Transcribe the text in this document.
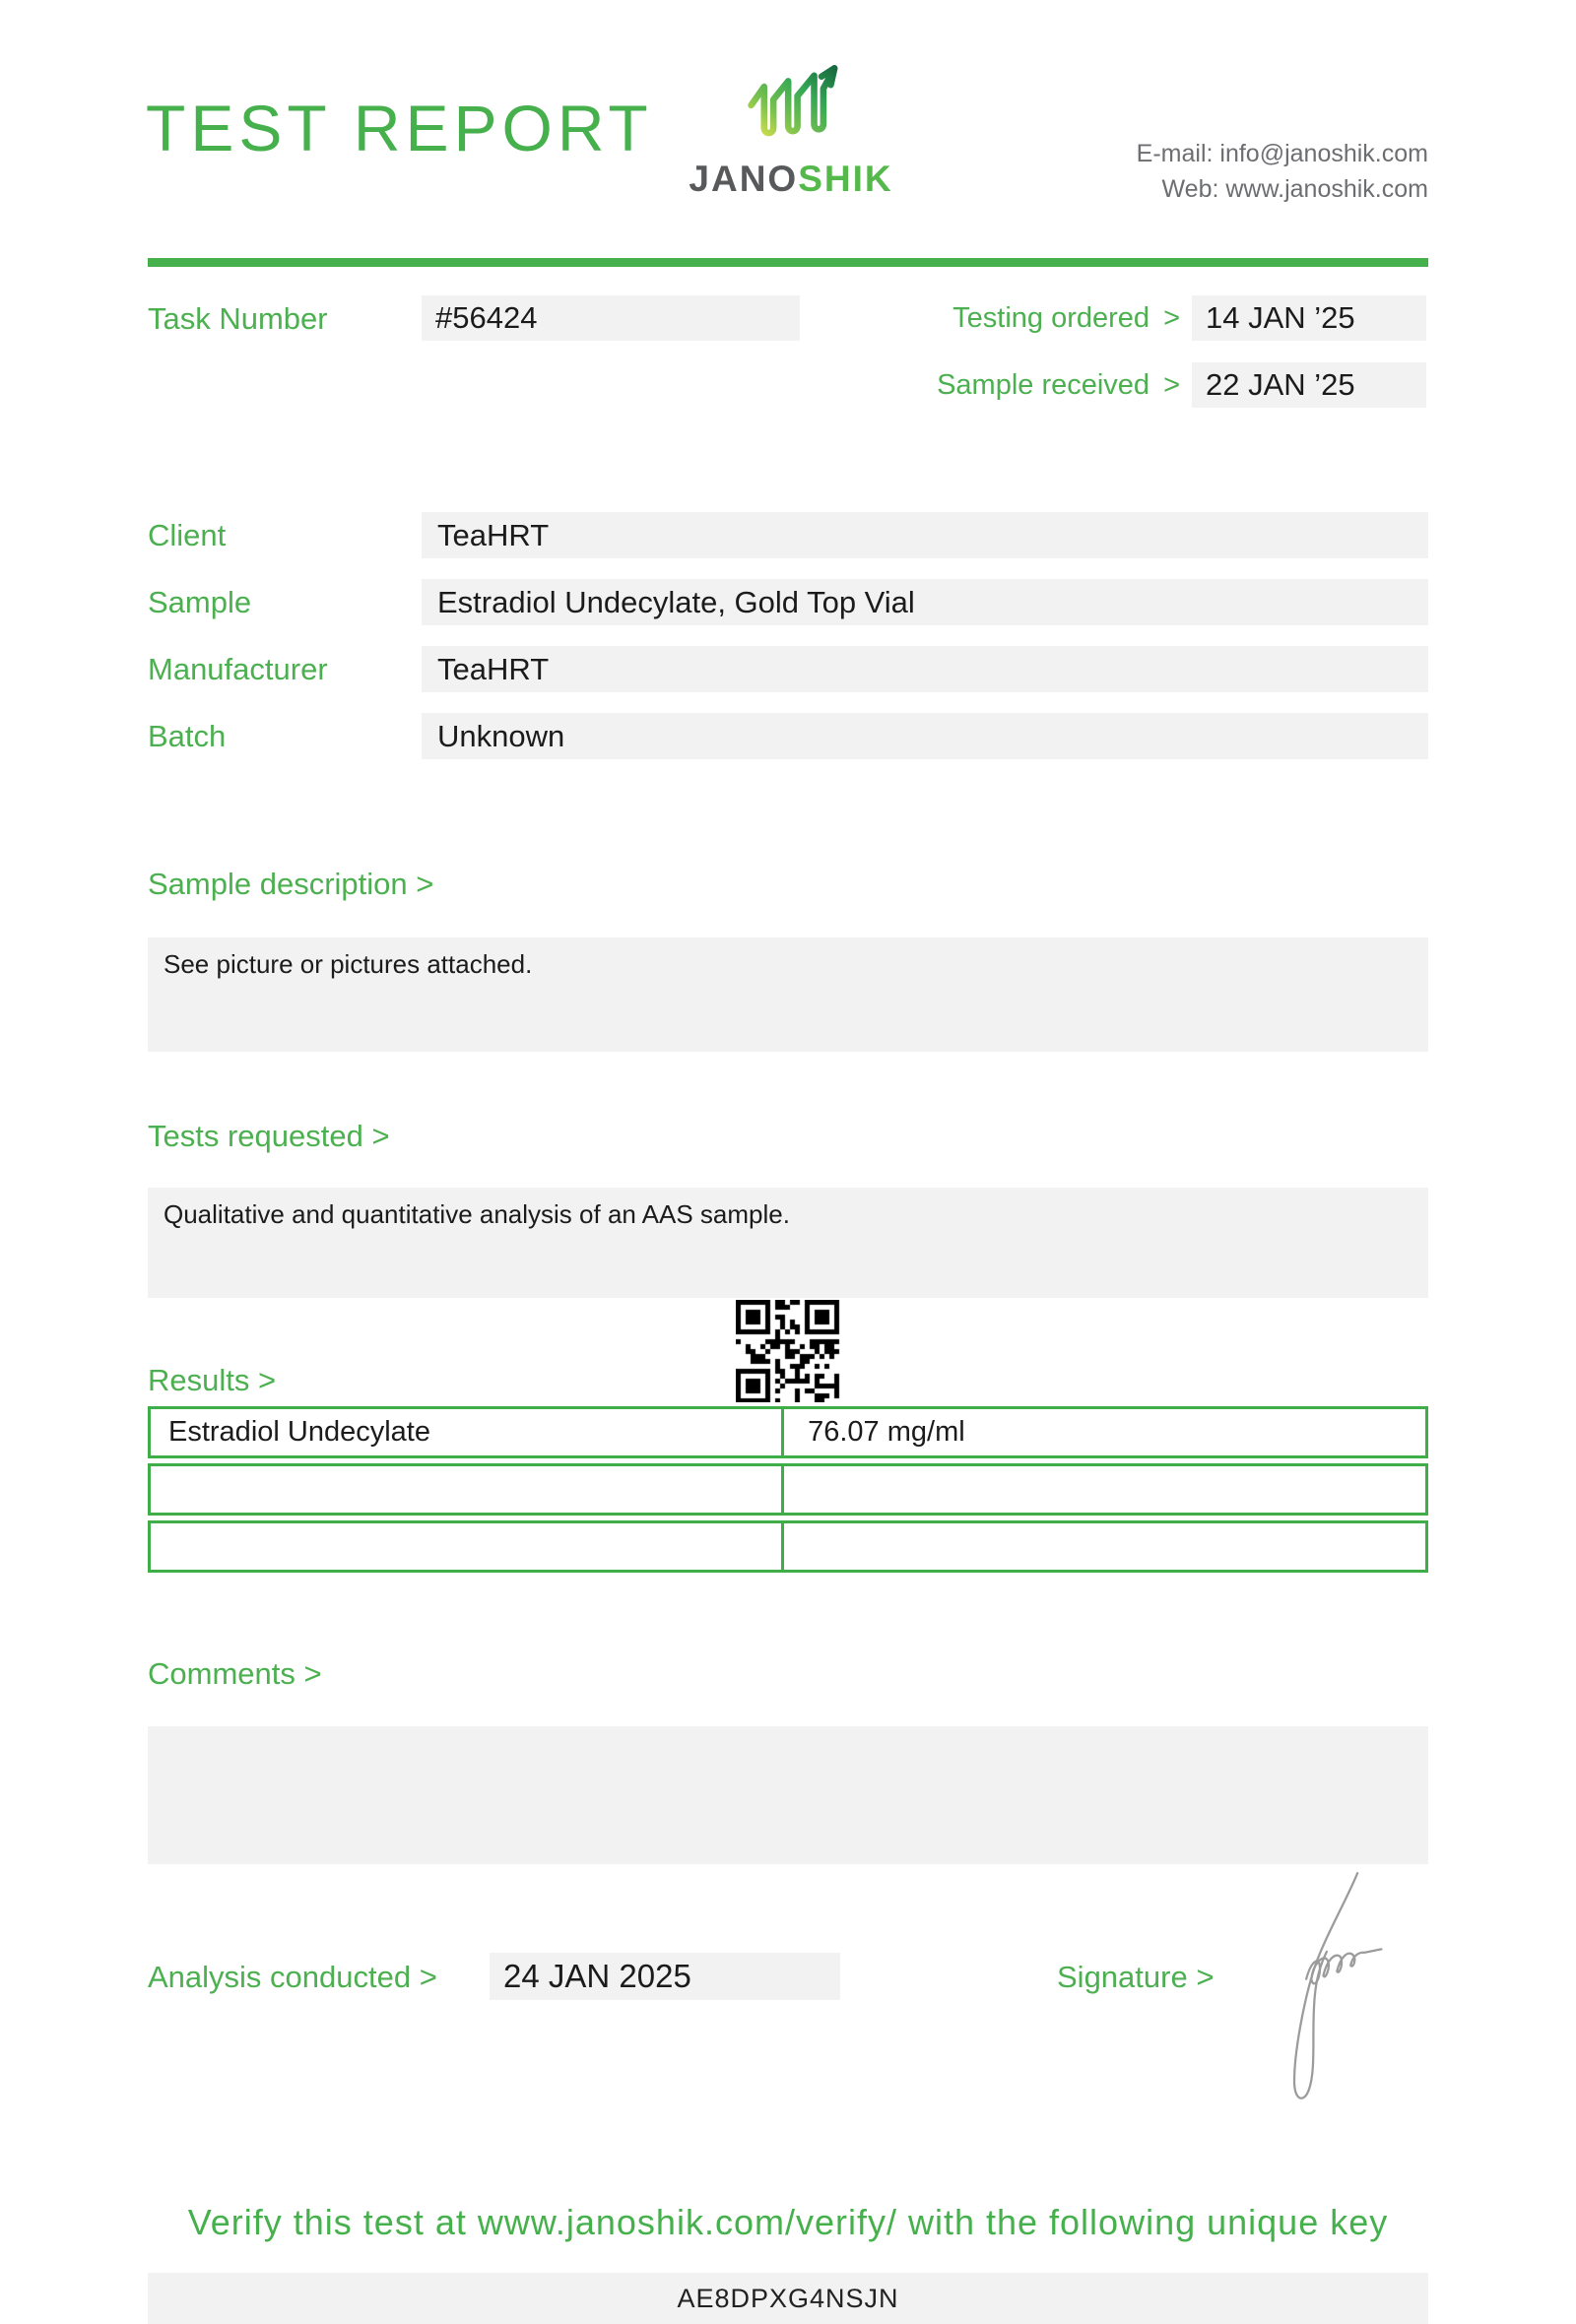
TEST REPORT
JANOSHIK
E-mail: info@janoshik.com
Web: www.janoshik.com
Task Number	#56424	Testing ordered > 14 JAN ’25
Sample received > 22 JAN ’25
Client	TeaHRT
Sample	Estradiol Undecylate, Gold Top Vial
Manufacturer	TeaHRT
Batch	Unknown
Sample description >
See picture or pictures attached.
Tests requested >
Qualitative and quantitative analysis of an AAS sample.
Results >
Estradiol Undecylate	76.07 mg/ml
Comments >
Analysis conducted >	24 JAN 2025	Signature >
Verify this test at www.janoshik.com/verify/ with the following unique key
AE8DPXG4NSJN
